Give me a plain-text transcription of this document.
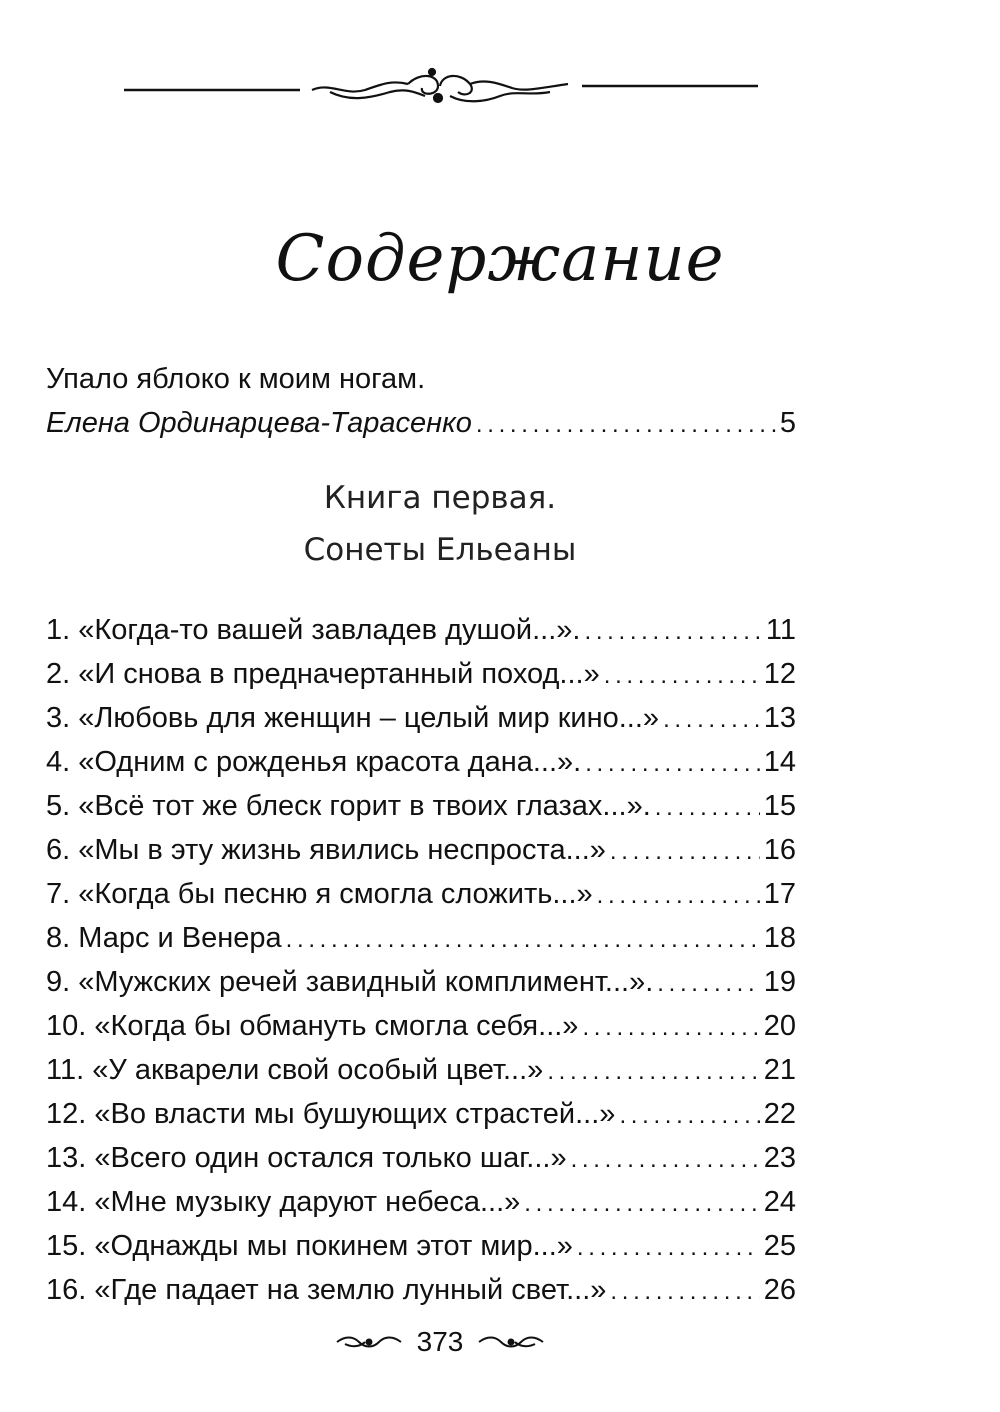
Содержание
Упало яблоко к моим ногам.
Елена Ординарцева-Тарасенко . . .	5
Книга первая.
Сонеты Ельеаны
1. «Когда-то вашей завладев душой...». . . .	11
2. «И снова в предначертанный поход...» . . .	12
3. «Любовь для женщин – целый мир кино...» . . .	13
4. «Одним с рожденья красота дана...». . . .	14
5. «Всё тот же блеск горит в твоих глазах...». . . .	15
6. «Мы в эту жизнь явились неспроста...» . . .	16
7. «Когда бы песню я смогла сложить...» . . .	17
8. Марс и Венера . . .	18
9. «Мужских речей завидный комплимент...». . . .	19
10. «Когда бы обмануть смогла себя...» . . .	20
11. «У акварели свой особый цвет...» . . .	21
12. «Во власти мы бушующих страстей...» . . .	22
13. «Всего один остался только шаг...» . . .	23
14. «Мне музыку даруют небеса...» . . .	24
15. «Однажды мы покинем этот мир...» . . .	25
16. «Где падает на землю лунный свет...» . . .	26
373
